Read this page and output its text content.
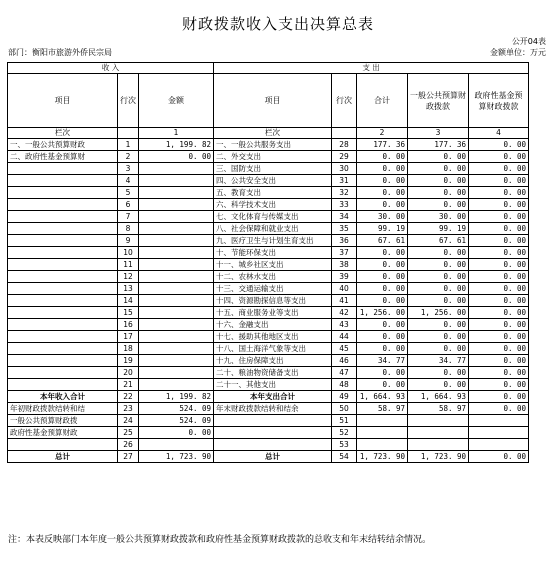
财政拨款收入支出决算总表
公开04表
部门：衡阳市旅游外侨民宗局	金额单位：万元
收 入			支 出				
项目	行次	金额	项目	行次	合计	一般公共预算财政拨款	政府性基金预算财政拨款
栏次		1	栏次		2	3	4
一、一般公共预算财政	1	1, 199. 82	一、一般公共服务支出	28	177. 36	177. 36	0. 00
二、政府性基金预算财	2	0. 00	二、外交支出	29	0. 00	0. 00	0. 00
	3		三、国防支出	30	0. 00	0. 00	0. 00
	4		四、公共安全支出	31	0. 00	0. 00	0. 00
	5		五、教育支出	32	0. 00	0. 00	0. 00
	6		六、科学技术支出	33	0. 00	0. 00	0. 00
	7		七、文化体育与传媒支出	34	30. 00	30. 00	0. 00
	8		八、社会保障和就业支出	35	99. 19	99. 19	0. 00
	9		九、医疗卫生与计划生育支出	36	67. 61	67. 61	0. 00
	10		十、节能环保支出	37	0. 00	0. 00	0. 00
	11		十一、城乡社区支出	38	0. 00	0. 00	0. 00
	12		十二、农林水支出	39	0. 00	0. 00	0. 00
	13		十三、交通运输支出	40	0. 00	0. 00	0. 00
	14		十四、资源勘探信息等支出	41	0. 00	0. 00	0. 00
	15		十五、商业服务业等支出	42	1, 256. 00	1, 256. 00	0. 00
	16		十六、金融支出	43	0. 00	0. 00	0. 00
	17		十七、援助其他地区支出	44	0. 00	0. 00	0. 00
	18		十八、国土海洋气象等支出	45	0. 00	0. 00	0. 00
	19		十九、住房保障支出	46	34. 77	34. 77	0. 00
	20		二十、粮油物资储备支出	47	0. 00	0. 00	0. 00
	21		二十一、其他支出	48	0. 00	0. 00	0. 00
本年收入合计	22	1, 199. 82	本年支出合计	49	1, 664. 93	1, 664. 93	0. 00
年初财政拨款结转和结	23	524. 09	年末财政拨款结转和结余	50	58. 97	58. 97	0. 00
一般公共预算财政拨	24	524. 09		51			
政府性基金预算财政	25	0. 00		52			
	26			53			
总计	27	1, 723. 90	总计	54	1, 723. 90	1, 723. 90	0. 00
注：本表反映部门本年度一般公共预算财政拨款和政府性基金预算财政拨款的总收支和年末结转结余情况。
